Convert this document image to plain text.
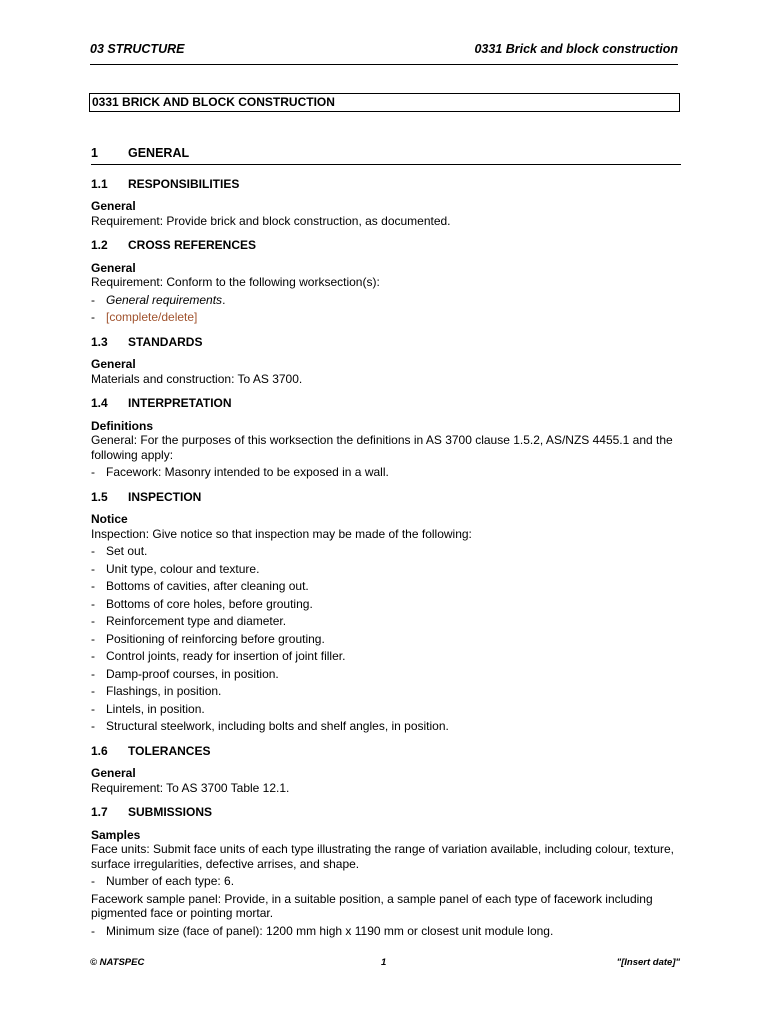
03 STRUCTURE	0331 Brick and block construction
0331 BRICK AND BLOCK CONSTRUCTION
1	GENERAL
1.1	RESPONSIBILITIES
General

Requirement: Provide brick and block construction, as documented.

1.2	CROSS REFERENCES
General

Requirement: Conform to the following worksection(s):

- General requirements.
- [complete/delete]
1.3	STANDARDS
General

Materials and construction: To AS 3700.

1.4	INTERPRETATION
Definitions

General: For the purposes of this worksection the definitions in AS 3700 clause 1.5.2, AS/NZS 4455.1 and the following apply:

- Facework: Masonry intended to be exposed in a wall.
1.5	INSPECTION
Notice

Inspection: Give notice so that inspection may be made of the following:

- Set out.
- Unit type, colour and texture.
- Bottoms of cavities, after cleaning out.
- Bottoms of core holes, before grouting.
- Reinforcement type and diameter.
- Positioning of reinforcing before grouting.
- Control joints, ready for insertion of joint filler.
- Damp-proof courses, in position.
- Flashings, in position.
- Lintels, in position.
- Structural steelwork, including bolts and shelf angles, in position.
1.6	TOLERANCES
General

Requirement: To AS 3700 Table 12.1.

1.7	SUBMISSIONS
Samples

Face units: Submit face units of each type illustrating the range of variation available, including colour, texture, surface irregularities, defective arrises, and shape.

- Number of each type: 6.

Facework sample panel: Provide, in a suitable position, a sample panel of each type of facework including pigmented face or pointing mortar.

- Minimum size (face of panel): 1200 mm high x 1190 mm or closest unit module long.
© NATSPEC	1	"[Insert date]"
